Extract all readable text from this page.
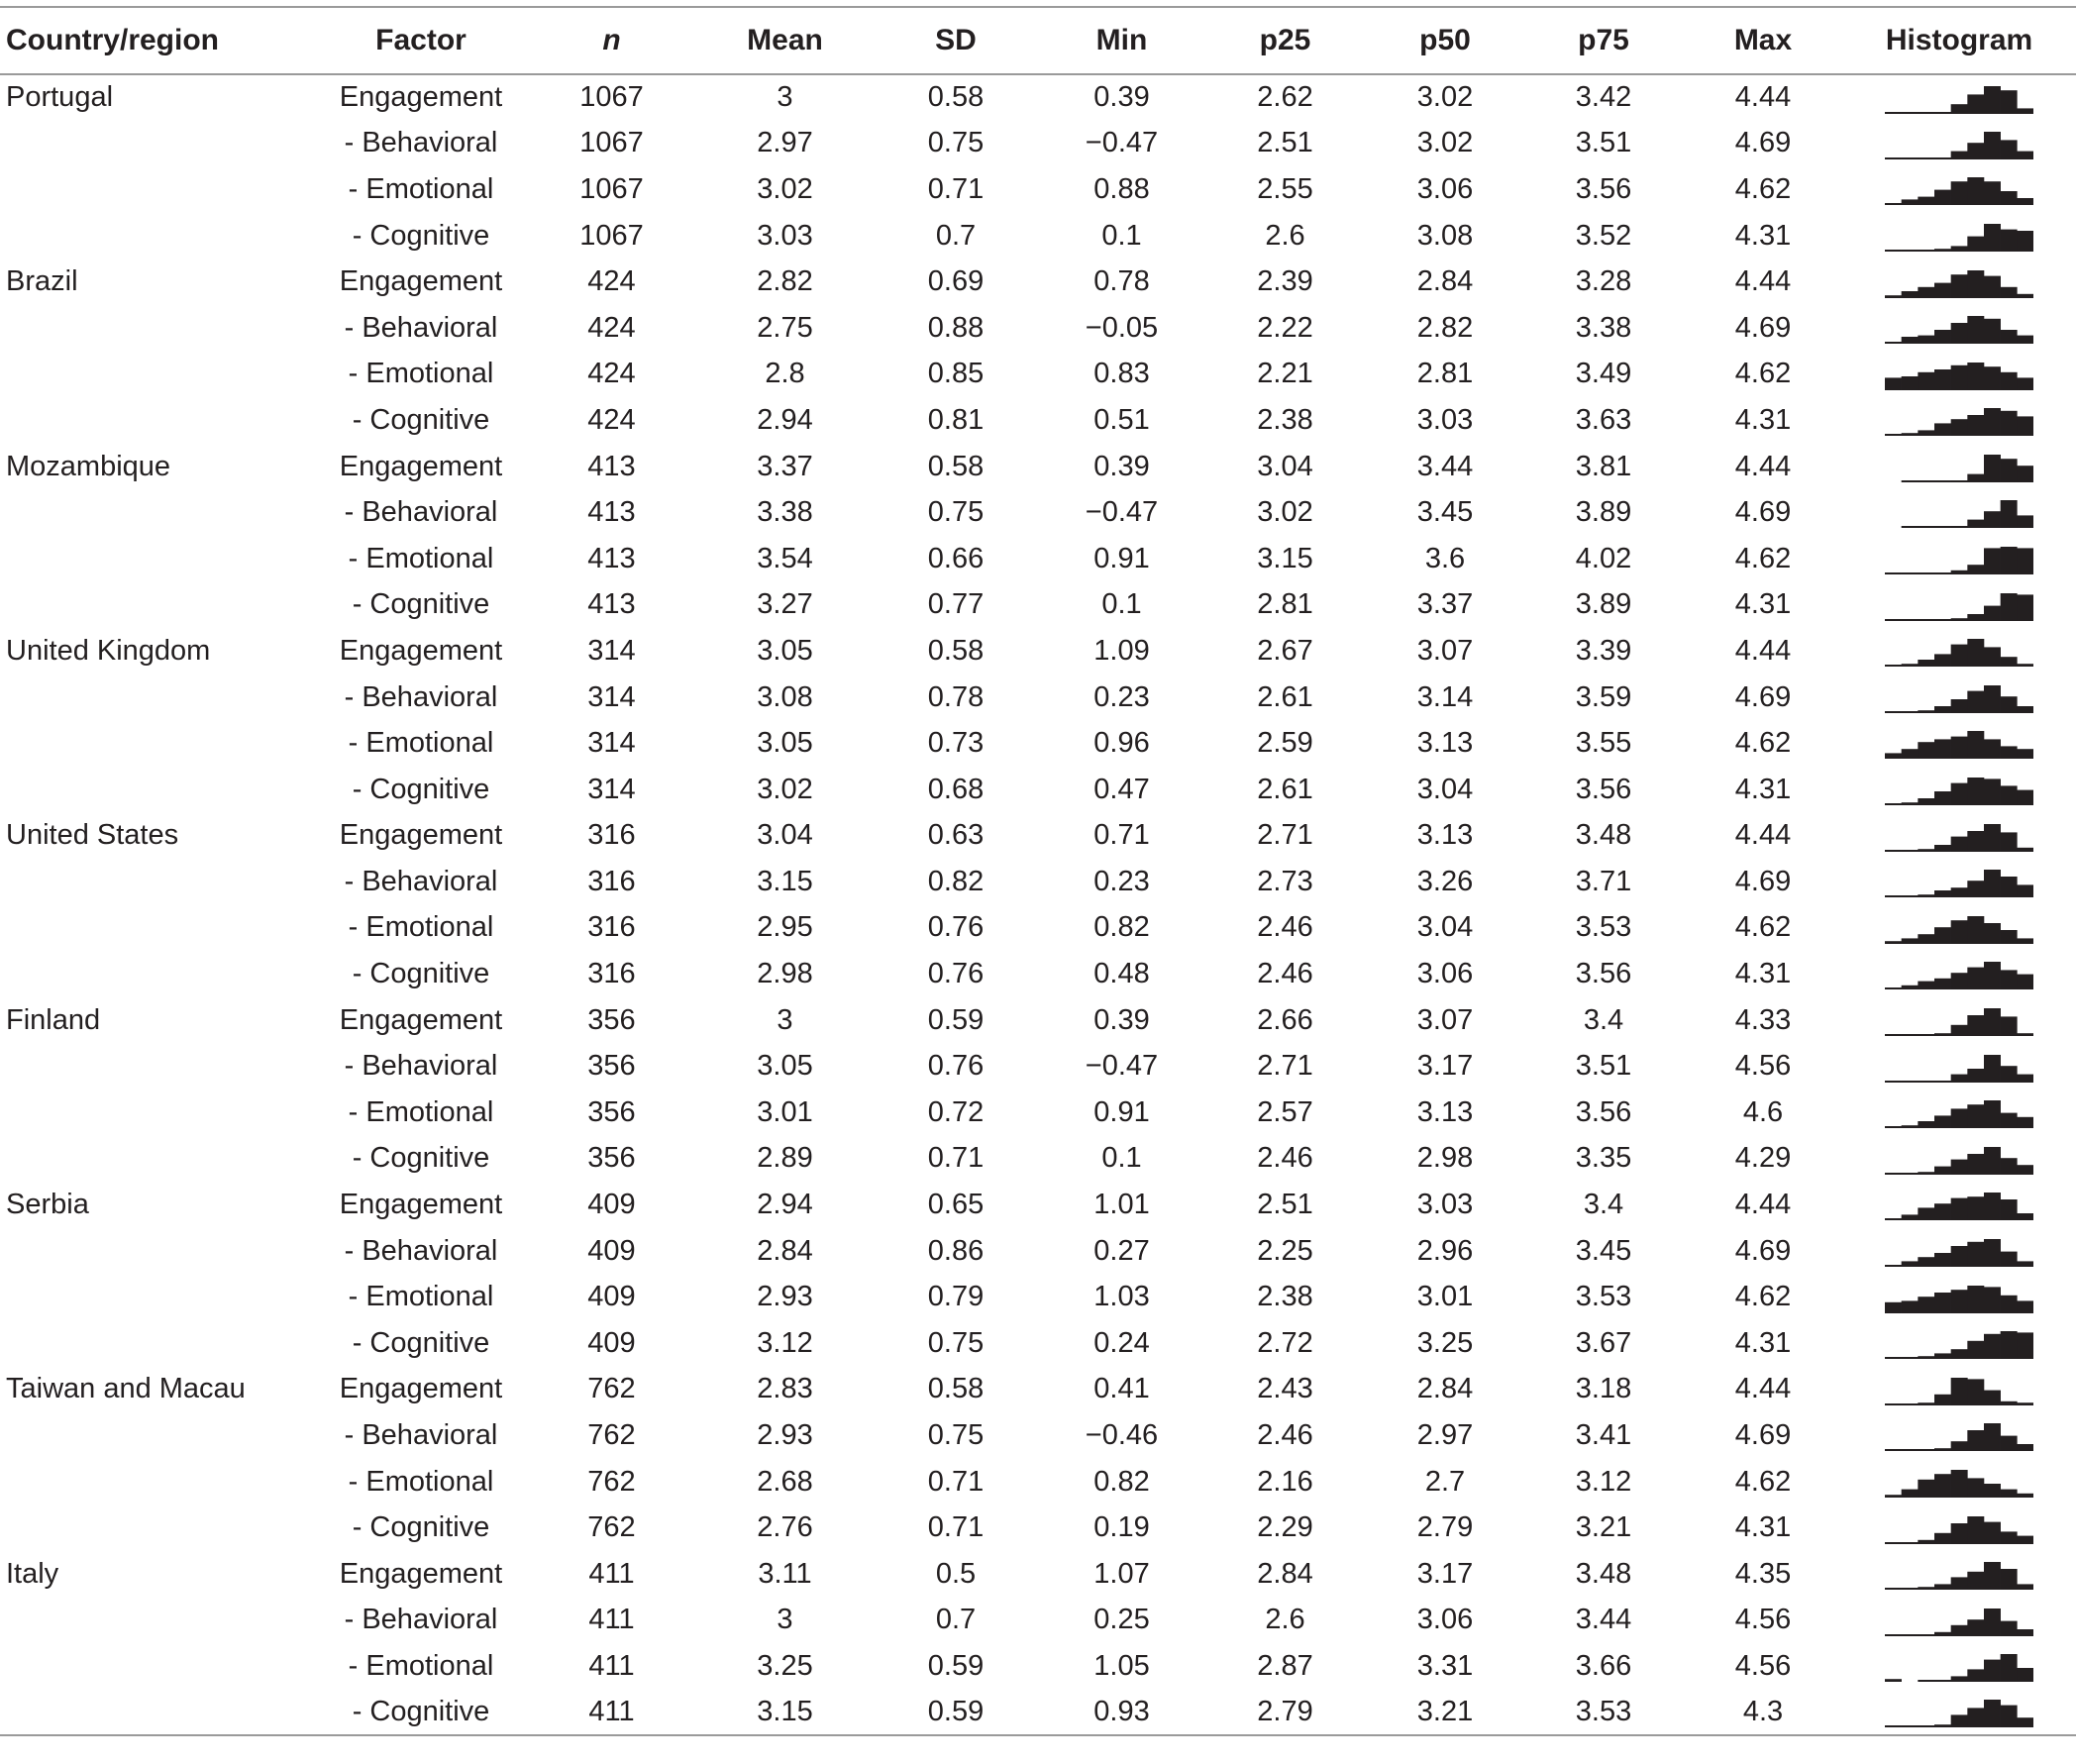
Country/region	Factor	n	Mean	SD	Min	p25	p50	p75	Max	Histogram
Portugal	Engagement	1067	3	0.58	0.39	2.62	3.02	3.42	4.44	
	- Behavioral	1067	2.97	0.75	−0.47	2.51	3.02	3.51	4.69	
	- Emotional	1067	3.02	0.71	0.88	2.55	3.06	3.56	4.62	
	- Cognitive	1067	3.03	0.7	0.1	2.6	3.08	3.52	4.31	
Brazil	Engagement	424	2.82	0.69	0.78	2.39	2.84	3.28	4.44	
	- Behavioral	424	2.75	0.88	−0.05	2.22	2.82	3.38	4.69	
	- Emotional	424	2.8	0.85	0.83	2.21	2.81	3.49	4.62	
	- Cognitive	424	2.94	0.81	0.51	2.38	3.03	3.63	4.31	
Mozambique	Engagement	413	3.37	0.58	0.39	3.04	3.44	3.81	4.44	
	- Behavioral	413	3.38	0.75	−0.47	3.02	3.45	3.89	4.69	
	- Emotional	413	3.54	0.66	0.91	3.15	3.6	4.02	4.62	
	- Cognitive	413	3.27	0.77	0.1	2.81	3.37	3.89	4.31	
United Kingdom	Engagement	314	3.05	0.58	1.09	2.67	3.07	3.39	4.44	
	- Behavioral	314	3.08	0.78	0.23	2.61	3.14	3.59	4.69	
	- Emotional	314	3.05	0.73	0.96	2.59	3.13	3.55	4.62	
	- Cognitive	314	3.02	0.68	0.47	2.61	3.04	3.56	4.31	
United States	Engagement	316	3.04	0.63	0.71	2.71	3.13	3.48	4.44	
	- Behavioral	316	3.15	0.82	0.23	2.73	3.26	3.71	4.69	
	- Emotional	316	2.95	0.76	0.82	2.46	3.04	3.53	4.62	
	- Cognitive	316	2.98	0.76	0.48	2.46	3.06	3.56	4.31	
Finland	Engagement	356	3	0.59	0.39	2.66	3.07	3.4	4.33	
	- Behavioral	356	3.05	0.76	−0.47	2.71	3.17	3.51	4.56	
	- Emotional	356	3.01	0.72	0.91	2.57	3.13	3.56	4.6	
	- Cognitive	356	2.89	0.71	0.1	2.46	2.98	3.35	4.29	
Serbia	Engagement	409	2.94	0.65	1.01	2.51	3.03	3.4	4.44	
	- Behavioral	409	2.84	0.86	0.27	2.25	2.96	3.45	4.69	
	- Emotional	409	2.93	0.79	1.03	2.38	3.01	3.53	4.62	
	- Cognitive	409	3.12	0.75	0.24	2.72	3.25	3.67	4.31	
Taiwan and Macau	Engagement	762	2.83	0.58	0.41	2.43	2.84	3.18	4.44	
	- Behavioral	762	2.93	0.75	−0.46	2.46	2.97	3.41	4.69	
	- Emotional	762	2.68	0.71	0.82	2.16	2.7	3.12	4.62	
	- Cognitive	762	2.76	0.71	0.19	2.29	2.79	3.21	4.31	
Italy	Engagement	411	3.11	0.5	1.07	2.84	3.17	3.48	4.35	
	- Behavioral	411	3	0.7	0.25	2.6	3.06	3.44	4.56	
	- Emotional	411	3.25	0.59	1.05	2.87	3.31	3.66	4.56	
	- Cognitive	411	3.15	0.59	0.93	2.79	3.21	3.53	4.3	
